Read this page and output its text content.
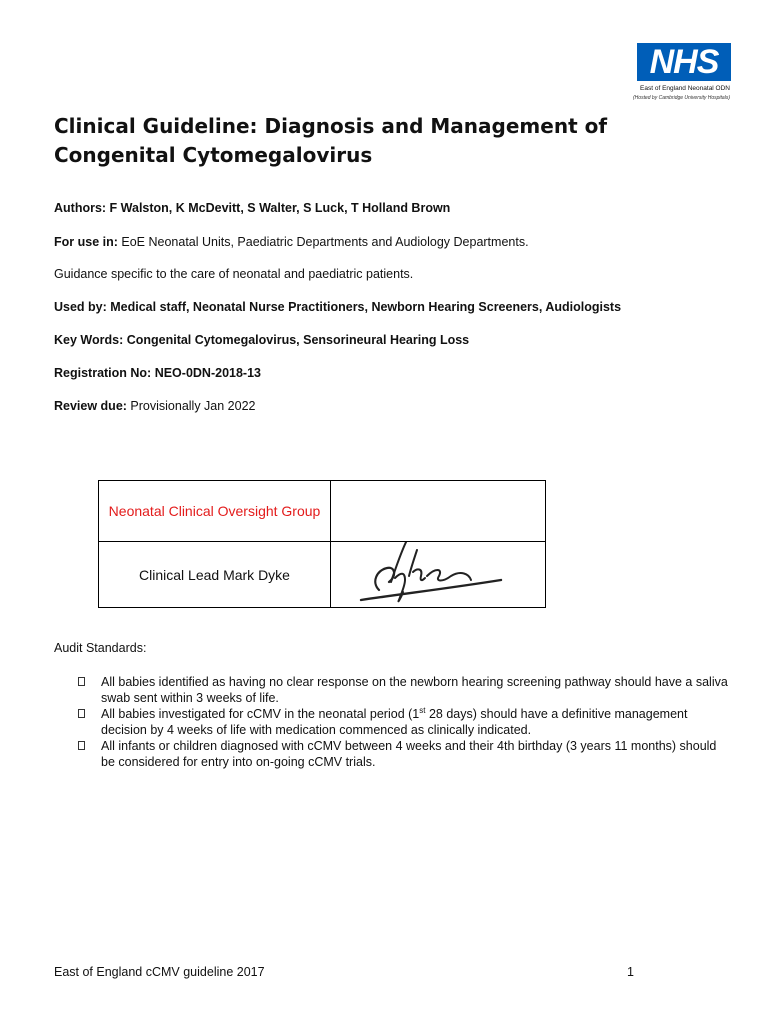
NHS
East of England Neonatal ODN
(Hosted by Cambridge University Hospitals)
Clinical Guideline: Diagnosis and Management of Congenital Cytomegalovirus
Authors: F Walston, K McDevitt, S Walter, S Luck, T Holland Brown
For use in: EoE Neonatal Units, Paediatric Departments and Audiology Departments.
Guidance specific to the care of neonatal and paediatric patients.
Used by: Medical staff, Neonatal Nurse Practitioners, Newborn Hearing Screeners, Audiologists
Key Words: Congenital Cytomegalovirus, Sensorineural Hearing Loss
Registration No: NEO-0DN-2018-13
Review due: Provisionally Jan 2022
Neonatal Clinical Oversight Group	

Clinical Lead Mark Dyke	
Audit Standards:
All babies identified as having no clear response on the newborn hearing screening pathway should have a saliva swab sent within 3 weeks of life.
All babies investigated for cCMV in the neonatal period (1st 28 days) should have a definitive management decision by 4 weeks of life with medication commenced as clinically indicated.
All infants or children diagnosed with cCMV between 4 weeks and their 4th birthday (3 years 11 months) should be considered for entry into on-going cCMV trials.
East of England cCMV guideline 2017	1
